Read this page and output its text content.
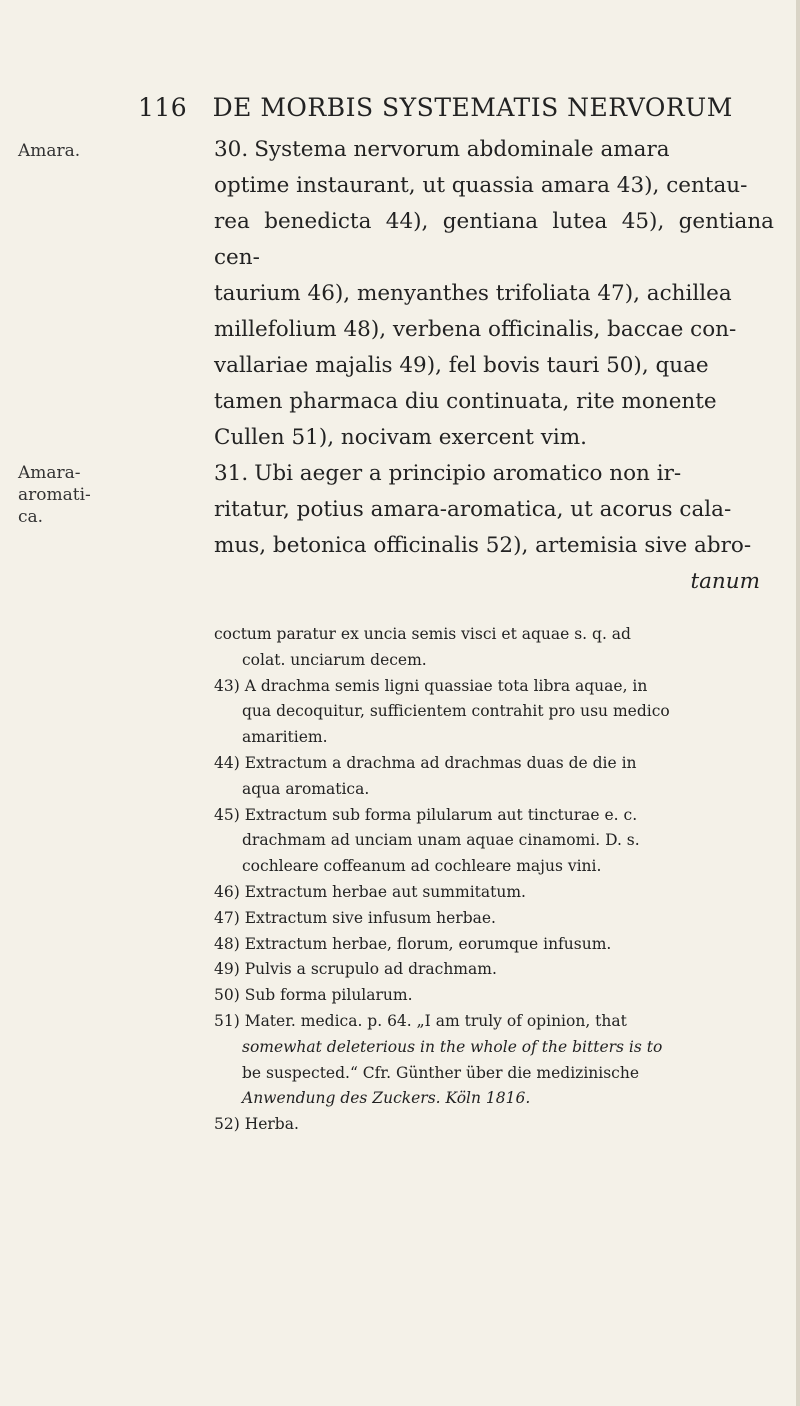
116 DE MORBIS SYSTEMATIS NERVORUM
Amara.
Amara-
aromati-
ca.

30. Systema nervorum abdominale amara

optime instaurant, ut quassia amara 43), centau-

rea benedicta 44), gentiana lutea 45), gentiana cen-

taurium 46), menyanthes trifoliata 47), achillea

millefolium 48), verbena officinalis, baccae con-

vallariae majalis 49), fel bovis tauri 50), quae

tamen pharmaca diu continuata, rite monente

Cullen 51), nocivam exercent vim.

31. Ubi aeger a principio aromatico non ir-

ritatur, potius amara-aromatica, ut acorus cala-

mus, betonica officinalis 52), artemisia sive abro-

tanum

coctum paratur ex uncia semis visci et aquae s. q. ad

colat. unciarum decem.

43) A drachma semis ligni quassiae tota libra aquae, in

qua decoquitur, sufficientem contrahit pro usu medico

amaritiem.

44) Extractum a drachma ad drachmas duas de die in

aqua aromatica.

45) Extractum sub forma pilularum aut tincturae e. c.

drachmam ad unciam unam aquae cinamomi. D. s.

cochleare coffeanum ad cochleare majus vini.

46) Extractum herbae aut summitatum.

47) Extractum sive infusum herbae.

48) Extractum herbae, florum, eorumque infusum.

49) Pulvis a scrupulo ad drachmam.

50) Sub forma pilularum.

51) Mater. medica. p. 64. „I am truly of opinion, that

somewhat deleterious in the whole of the bitters is to

be suspected.“ Cfr. Günther über die medizinische

Anwendung des Zuckers. Köln 1816.

52) Herba.
